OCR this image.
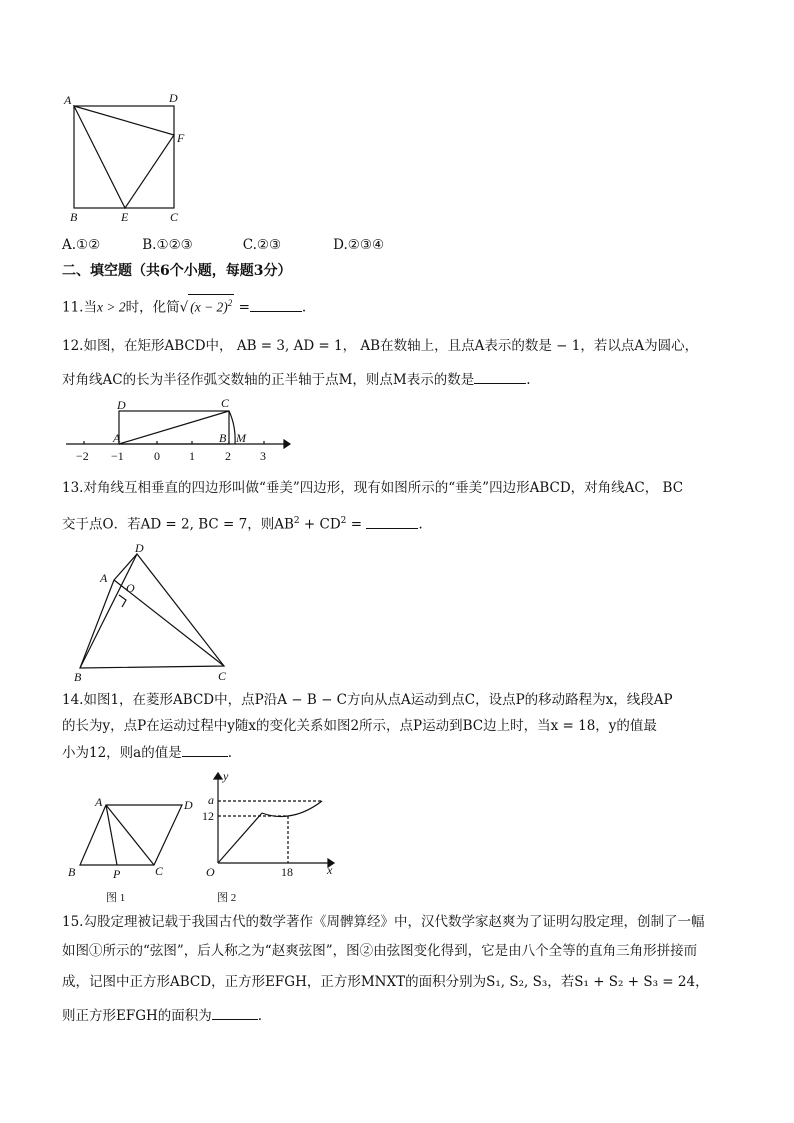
A	D
F
B	E	C
A.①②	B.①②③	C.②③	D.②③④
二、填空题（共6个小题，每题3分）
11.当x > 2时，化简√ $(x - 2)^2$ =	.
12.如图，在矩形ABCD中， AB = 3, AD = 1， AB在数轴上，且点A表示的数是 − 1，若以点A为圆心，
对角线AC的长为半径作弧交数轴的正半轴于点M，则点M表示的数是	.
D	C
A	B M
−2 −1	0 1	2 3
13.对角线互相垂直的四边形叫做“垂美”四边形，现有如图所示的“垂美”四边形ABCD，对角线AC， BC
交于点O．若AD = 2, BC = 7，则$AB^2 + CD^2$ =	.
D
A
O
B	C
14.如图1，在菱形ABCD中，点P沿A − B − C方向从点A运动到点C，设点P的移动路程为x，线段AP
的长为y，点P在运动过程中y随x的变化关系如图2所示，点P运动到BC边上时，当x = 18，y的值最
小为12，则a的值是	.
A	D
B	P	C
图 1
y
a
12
O	18	x
图 2
15.勾股定理被记载于我国古代的数学著作《周髀算经》中，汉代数学家赵爽为了证明勾股定理，创制了一幅
如图①所示的“弦图”，后人称之为“赵爽弦图”，图②由弦图变化得到，它是由八个全等的直角三角形拼接而
成，记图中正方形ABCD，正方形EFGH，正方形MNXT的面积分别为S₁, S₂, S₃，若S₁ + S₂ + S₃ = 24，
则正方形EFGH的面积为	.
